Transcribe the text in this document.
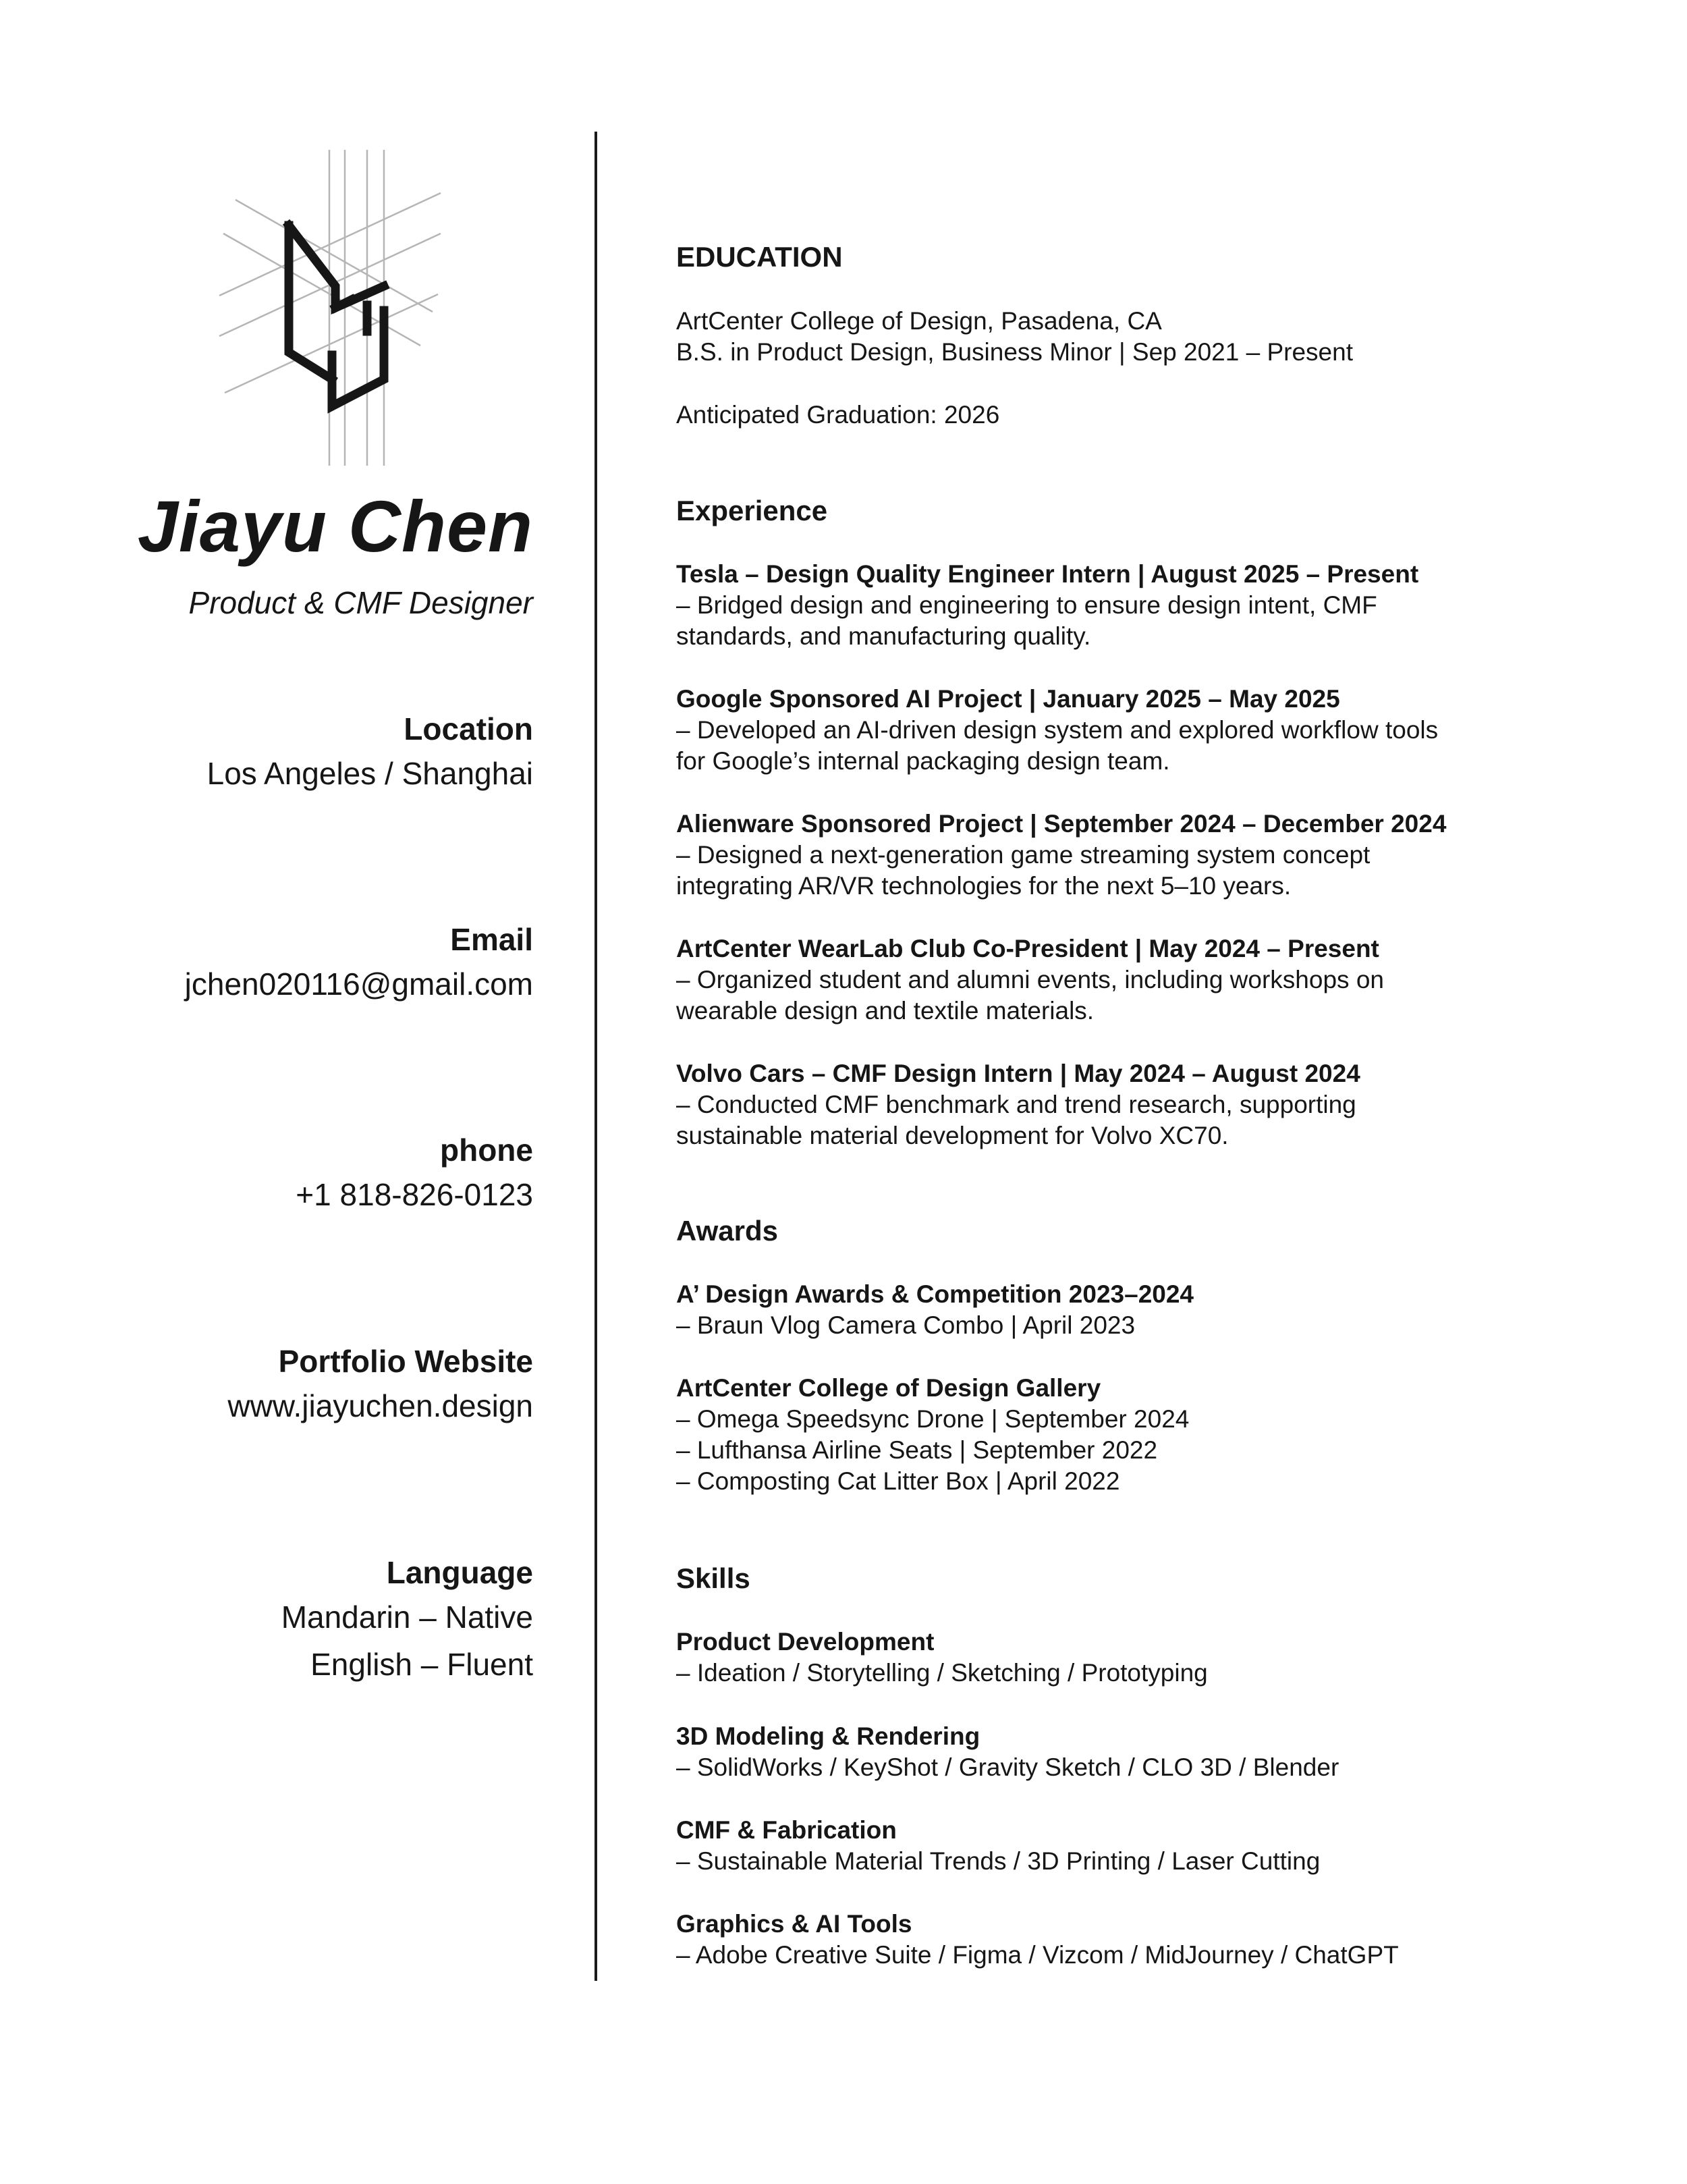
Jiayu Chen
Product & CMF Designer
Location
Los Angeles / Shanghai
Email
jchen020116@gmail.com
phone
+1 818-826-0123
Portfolio Website
www.jiayuchen.design
Language
Mandarin – Native
English – Fluent
EDUCATION
ArtCenter College of Design, Pasadena, CA
B.S. in Product Design, Business Minor | Sep 2021 – Present
Anticipated Graduation: 2026
Experience
Tesla – Design Quality Engineer Intern | August 2025 – Present
– Bridged design and engineering to ensure design intent, CMF
standards, and manufacturing quality.
Google Sponsored AI Project | January 2025 – May 2025
– Developed an AI-driven design system and explored workflow tools
for Google’s internal packaging design team.
Alienware Sponsored Project | September 2024 – December 2024
– Designed a next-generation game streaming system concept
integrating AR/VR technologies for the next 5–10 years.
ArtCenter WearLab Club Co-President | May 2024 – Present
– Organized student and alumni events, including workshops on
wearable design and textile materials.
Volvo Cars – CMF Design Intern | May 2024 – August 2024
– Conducted CMF benchmark and trend research, supporting
sustainable material development for Volvo XC70.
Awards
A’ Design Awards & Competition 2023–2024
– Braun Vlog Camera Combo | April 2023
ArtCenter College of Design Gallery
– Omega Speedsync Drone | September 2024
– Lufthansa Airline Seats | September 2022
– Composting Cat Litter Box | April 2022
Skills
Product Development
– Ideation / Storytelling / Sketching / Prototyping
3D Modeling & Rendering
– SolidWorks / KeyShot / Gravity Sketch / CLO 3D / Blender
CMF & Fabrication
– Sustainable Material Trends / 3D Printing / Laser Cutting
Graphics & AI Tools
– Adobe Creative Suite / Figma / Vizcom / MidJourney / ChatGPT
